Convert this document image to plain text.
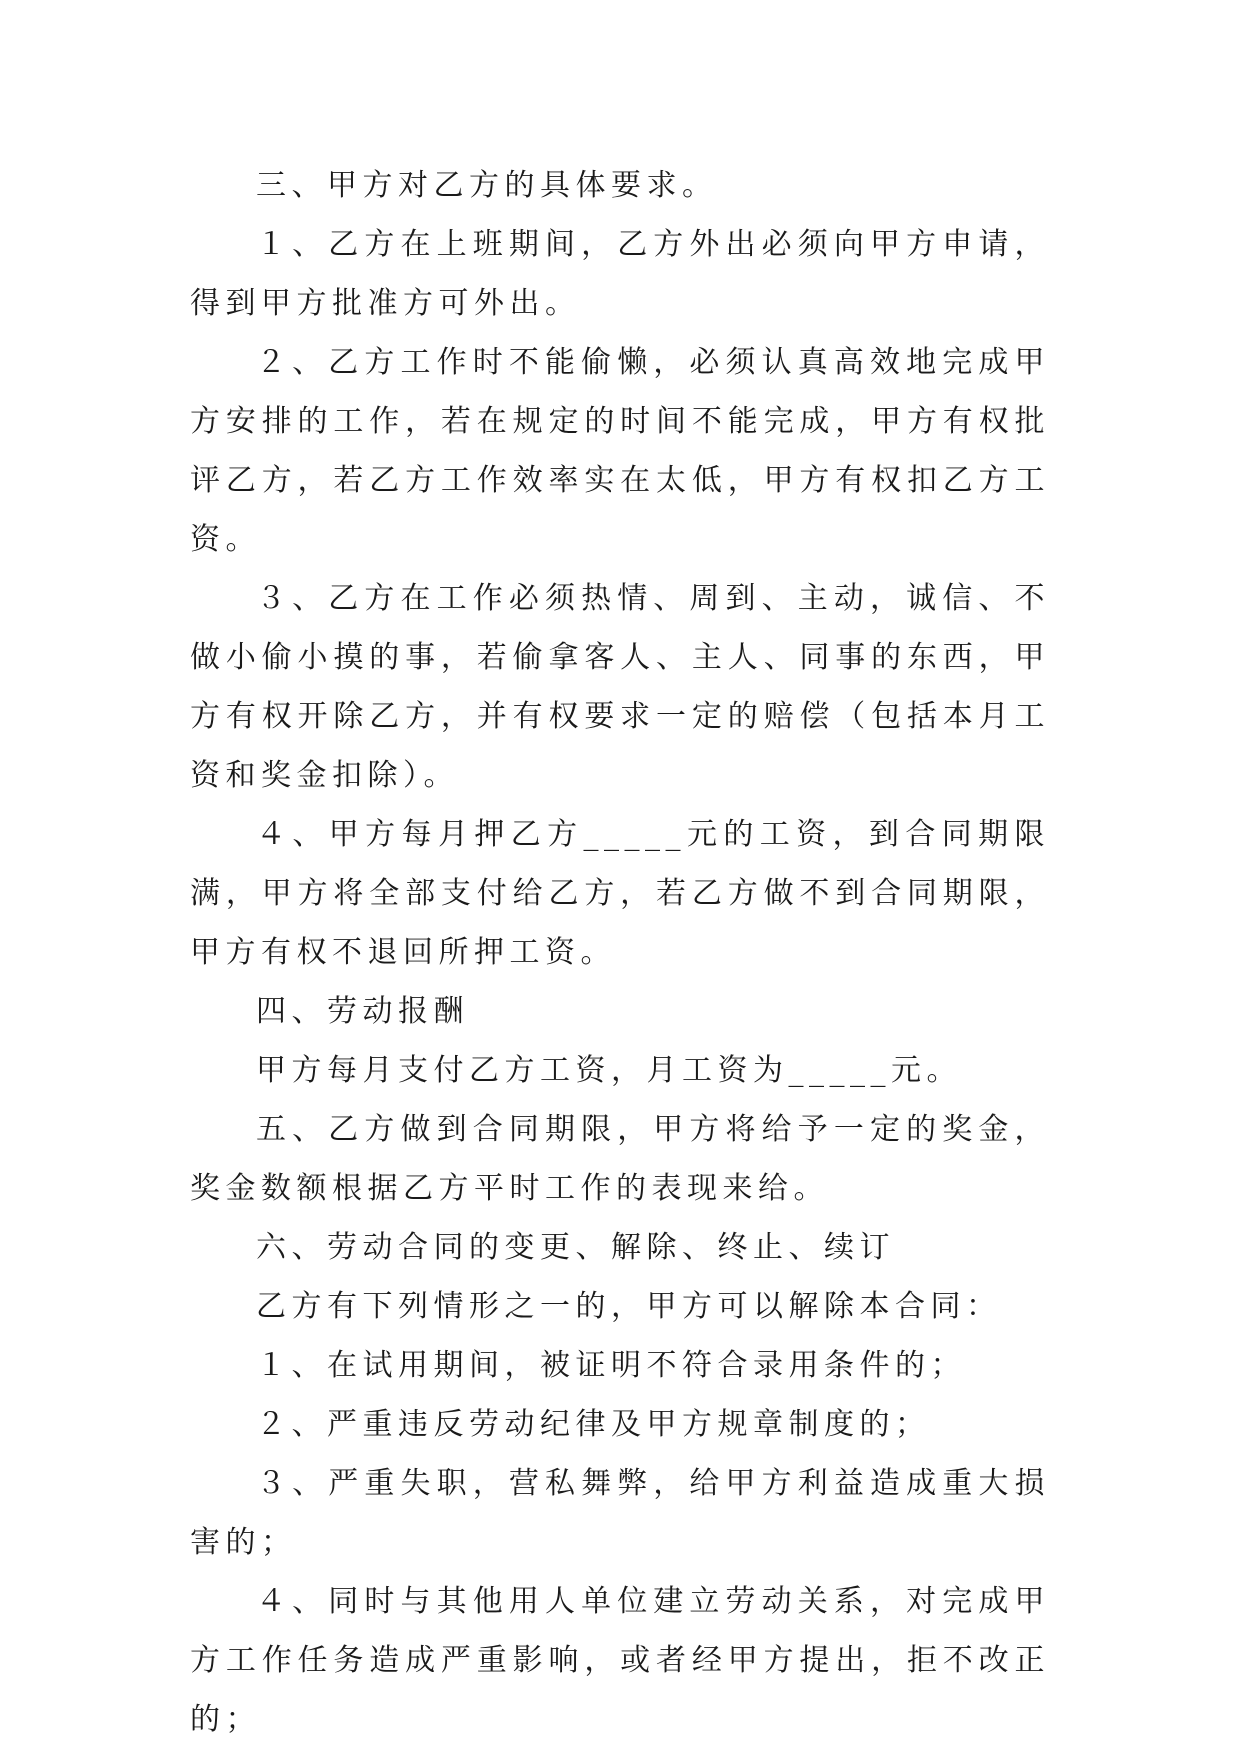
三、甲方对乙方的具体要求。

１、乙方在上班期间，乙方外出必须向甲方申请，得到甲方批准方可外出。

２、乙方工作时不能偷懒，必须认真高效地完成甲方安排的工作，若在规定的时间不能完成，甲方有权批评乙方，若乙方工作效率实在太低，甲方有权扣乙方工资。

３、乙方在工作必须热情、周到、主动，诚信、不做小偷小摸的事，若偷拿客人、主人、同事的东西，甲方有权开除乙方，并有权要求一定的赔偿（包括本月工资和奖金扣除）。

４、甲方每月押乙方_____元的工资，到合同期限满，甲方将全部支付给乙方，若乙方做不到合同期限，甲方有权不退回所押工资。

四、劳动报酬

甲方每月支付乙方工资，月工资为_____元。

五、乙方做到合同期限，甲方将给予一定的奖金，奖金数额根据乙方平时工作的表现来给。

六、劳动合同的变更、解除、终止、续订

乙方有下列情形之一的，甲方可以解除本合同：

１、在试用期间，被证明不符合录用条件的；

２、严重违反劳动纪律及甲方规章制度的；

３、严重失职，营私舞弊，给甲方利益造成重大损害的；

４、同时与其他用人单位建立劳动关系，对完成甲方工作任务造成严重影响，或者经甲方提出，拒不改正的；
